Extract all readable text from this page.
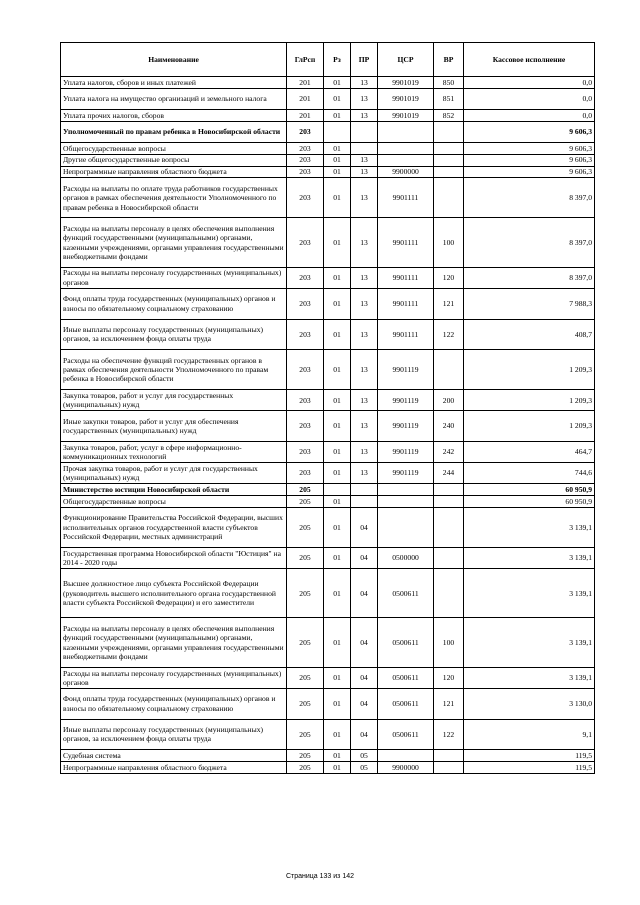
Наименование	ГлРсп	Рз	ПР	ЦСР	ВР	Кассовое исполнение
Уплата налогов, сборов и иных платежей	201	01	13	9901019	850	0,0
Уплата налога на имущество организаций и земельного налога	201	01	13	9901019	851	0,0
Уплата прочих налогов, сборов	201	01	13	9901019	852	0,0
Уполномоченный по правам ребенка в Новосибирской области	203					9 606,3
Общегосударственные вопросы	203	01				9 606,3
Другие общегосударственные вопросы	203	01	13			9 606,3
Непрограммные направления областного бюджета	203	01	13	9900000		9 606,3
Расходы на выплаты по оплате труда работников государственных органов в рамках обеспечения деятельности Уполномоченного по правам ребенка в Новосибирской области	203	01	13	9901111		8 397,0
Расходы на выплаты персоналу в целях обеспечения выполнения функций государственными (муниципальными) органами, казенными учреждениями, органами управления государственными внебюджетными фондами	203	01	13	9901111	100	8 397,0
Расходы на выплаты персоналу государственных (муниципальных) органов	203	01	13	9901111	120	8 397,0
Фонд оплаты труда государственных (муниципальных) органов и взносы по обязательному социальному страхованию	203	01	13	9901111	121	7 988,3
Иные выплаты персоналу государственных (муниципальных) органов, за исключением фонда оплаты труда	203	01	13	9901111	122	408,7
Расходы на обеспечение функций государственных органов в рамках обеспечения деятельности Уполномоченного по правам ребенка в Новосибирской области	203	01	13	9901119		1 209,3
Закупка товаров, работ и услуг для государственных (муниципальных) нужд	203	01	13	9901119	200	1 209,3
Иные закупки товаров, работ и услуг для обеспечения государственных (муниципальных) нужд	203	01	13	9901119	240	1 209,3
Закупка товаров, работ, услуг в сфере информационно-коммуникационных технологий	203	01	13	9901119	242	464,7
Прочая закупка товаров, работ и услуг для государственных (муниципальных) нужд	203	01	13	9901119	244	744,6
Министерство юстиции Новосибирской области	205					60 950,9
Общегосударственные вопросы	205	01				60 950,9
Функционирование Правительства Российской Федерации, высших исполнительных органов государственной власти субъектов Российской Федерации, местных администраций	205	01	04			3 139,1
Государственная программа Новосибирской области "Юстиция" на 2014 - 2020 годы	205	01	04	0500000		3 139,1
Высшее должностное лицо субъекта Российской Федерации (руководитель высшего исполнительного органа государственной власти субъекта Российской Федерации) и его заместители	205	01	04	0500611		3 139,1
Расходы на выплаты персоналу в целях обеспечения выполнения функций государственными (муниципальными) органами, казенными учреждениями, органами управления государственными внебюджетными фондами	205	01	04	0500611	100	3 139,1
Расходы на выплаты персоналу государственных (муниципальных) органов	205	01	04	0500611	120	3 139,1
Фонд оплаты труда государственных (муниципальных) органов и взносы по обязательному социальному страхованию	205	01	04	0500611	121	3 130,0
Иные выплаты персоналу государственных (муниципальных) органов, за исключением фонда оплаты труда	205	01	04	0500611	122	9,1
Судебная система	205	01	05			119,5
Непрограммные направления областного бюджета	205	01	05	9900000		119,5
Страница 133 из 142
